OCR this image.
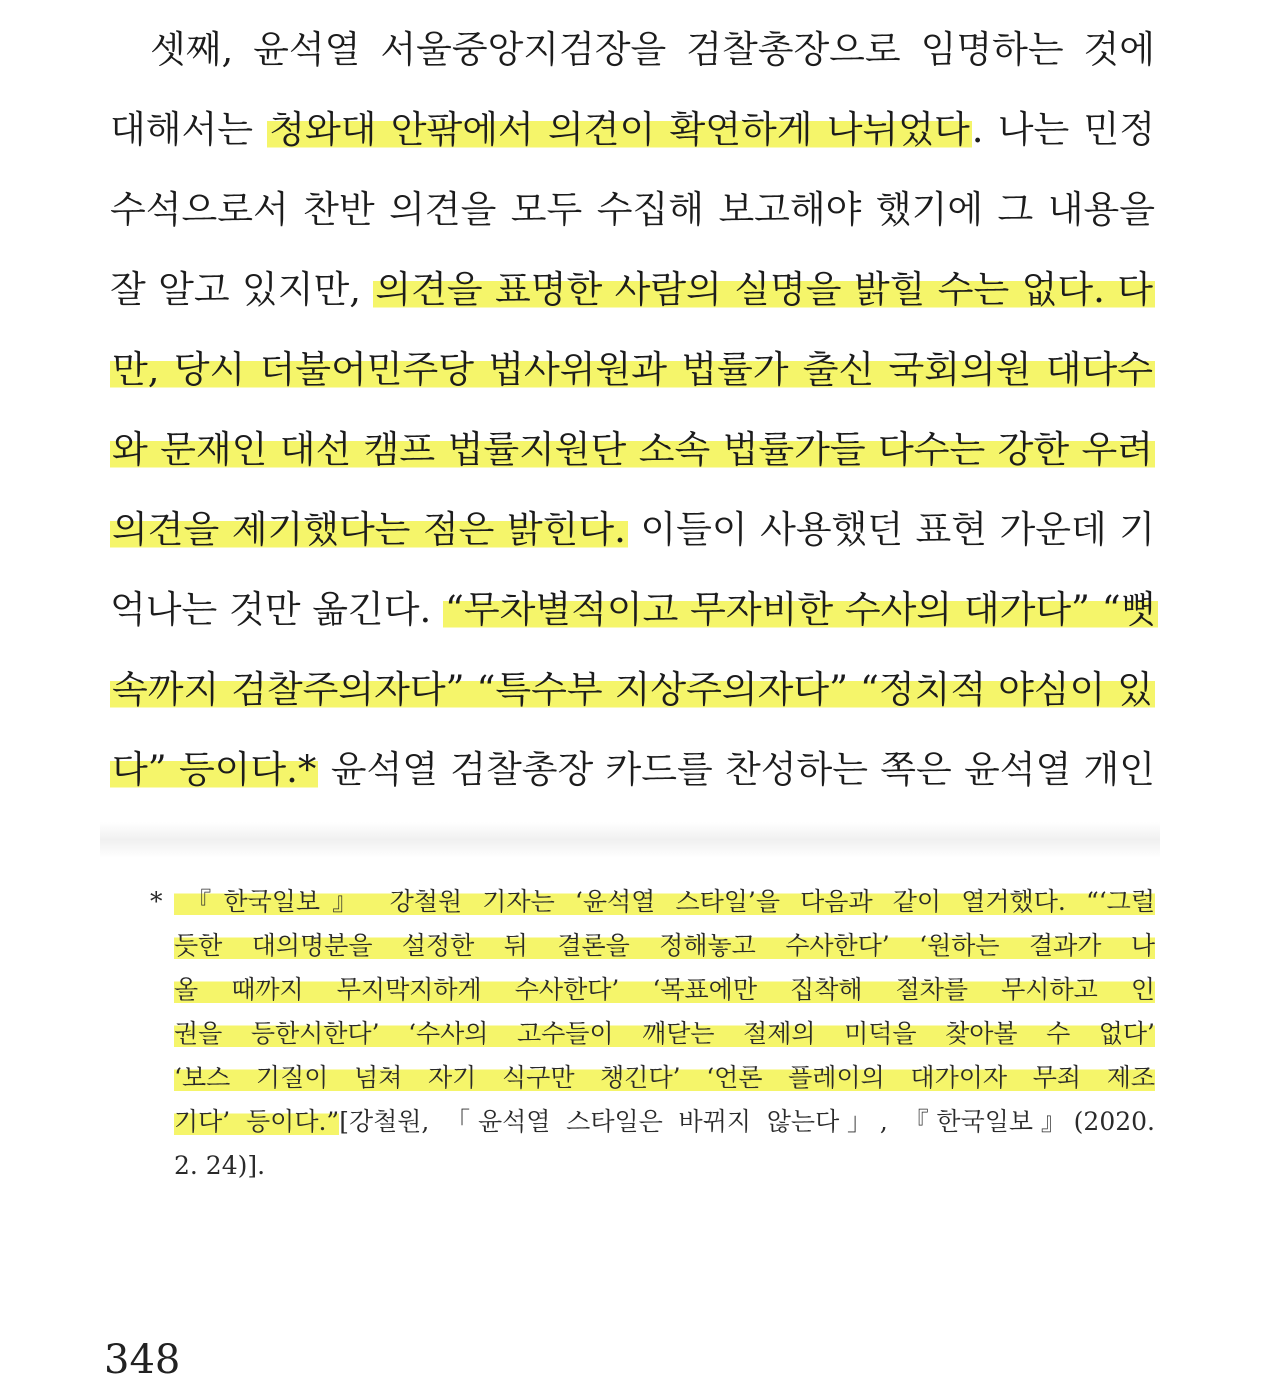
셋째, 윤석열 서울중앙지검장을 검찰총장으로 임명하는 것에
대해서는 청와대 안팎에서 의견이 확연하게 나뉘었다. 나는 민정
수석으로서 찬반 의견을 모두 수집해 보고해야 했기에 그 내용을
잘 알고 있지만, 의견을 표명한 사람의 실명을 밝힐 수는 없다. 다
만, 당시 더불어민주당 법사위원과 법률가 출신 국회의원 대다수
와 문재인 대선 캠프 법률지원단 소속 법률가들 다수는 강한 우려
의견을 제기했다는 점은 밝힌다. 이들이 사용했던 표현 가운데 기
억나는 것만 옮긴다. “무차별적이고 무자비한 수사의 대가다” “뼛
속까지 검찰주의자다” “특수부 지상주의자다” “정치적 야심이 있
다” 등이다.* 윤석열 검찰총장 카드를 찬성하는 쪽은 윤석열 개인
* 『한국일보』 강철원 기자는 ‘윤석열 스타일’을 다음과 같이 열거했다. “‘그럴
듯한 대의명분을 설정한 뒤 결론을 정해놓고 수사한다’ ‘원하는 결과가 나
올 때까지 무지막지하게 수사한다’ ‘목표에만 집착해 절차를 무시하고 인
권을 등한시한다’ ‘수사의 고수들이 깨닫는 절제의 미덕을 찾아볼 수 없다’
‘보스 기질이 넘쳐 자기 식구만 챙긴다’ ‘언론 플레이의 대가이자 무죄 제조
기다’ 등이다.”[강철원, 「윤석열 스타일은 바뀌지 않는다」, 『한국일보』(2020.
2. 24)].
348
